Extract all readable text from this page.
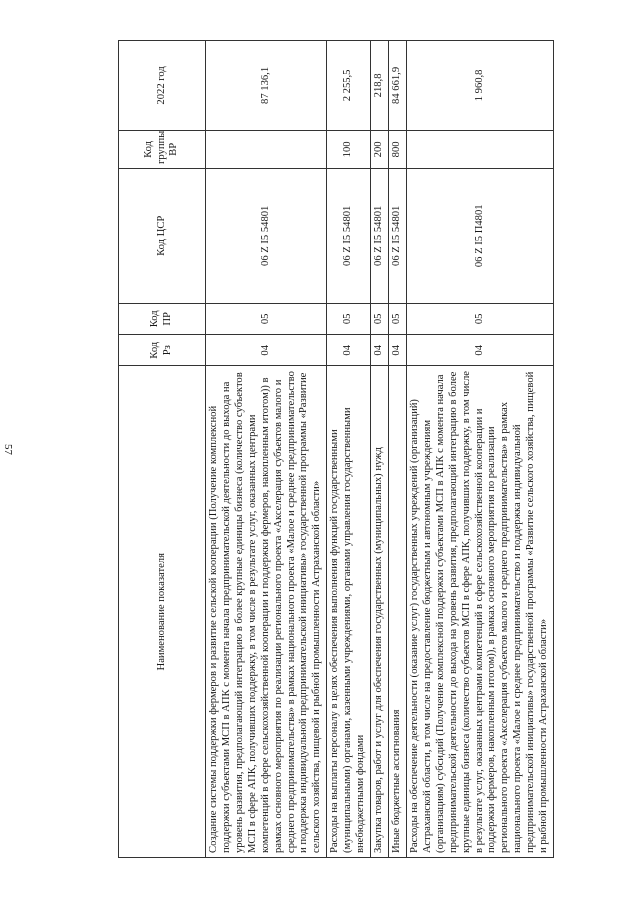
57
Наименование показателя	Код Рз	Код ПР	Код ЦСР	Код группы ВР	2022 год
Создание системы поддержки фермеров и развитие сельской кооперации (Получение комплексной поддержки субъектами МСП в АПК с момента начала предпринимательской деятельности до выхода на уровень развития, предполагающий интеграцию в более крупные единицы бизнеса (количество субъектов МСП в сфере АПК, получивших поддержку, в том числе в результате услуг, оказанных центрами компетенций в сфере сельскохозяйственной кооперации и поддержки фермеров, накопленным итогом)) в рамках основного мероприятия по реализации регионального проекта «Акселерация субъектов малого и среднего предпринимательства» в рамках национального проекта «Малое и среднее предпринимательство и поддержка индивидуальной предпринимательской инициативы» государственной программы «Развитие сельского хозяйства, пищевой и рыбной промышленности Астраханской области»	04	05	06 Z I5 54801		87 136,1
Расходы на выплаты персоналу в целях обеспечения выполнения функций государственными (муниципальными) органами, казенными учреждениями, органами управления государственными внебюджетными фондами	04	05	06 Z I5 54801	100	2 255,5
Закупка товаров, работ и услуг для обеспечения государственных (муниципальных) нужд	04	05	06 Z I5 54801	200	218,8
Иные бюджетные ассигнования	04	05	06 Z I5 54801	800	84 661,9
Расходы на обеспечение деятельности (оказание услуг) государственных учреждений (организаций) Астраханской области, в том числе на предоставление бюджетным и автономным учреждениям (организациям) субсидий (Получение комплексной поддержки субъектами МСП в АПК с момента начала предпринимательской деятельности до выхода на уровень развития, предполагающий интеграцию в более крупные единицы бизнеса (количество субъектов МСП в сфере АПК, получивших поддержку, в том числе в результате услуг, оказанных центрами компетенций в сфере сельскохозяйственной кооперации и поддержки фермеров, накопленным итогом)), в рамках основного мероприятия по реализации регионального проекта «Акселерация субъектов малого и среднего предпринимательства» в рамках национального проекта «Малое и среднее предпринимательство и поддержка индивидуальной предпринимательской инициативы» государственной программы «Развитие сельского хозяйства, пищевой и рыбной промышленности Астраханской области»	04	05	06 Z I5 П4801		1 960,8
